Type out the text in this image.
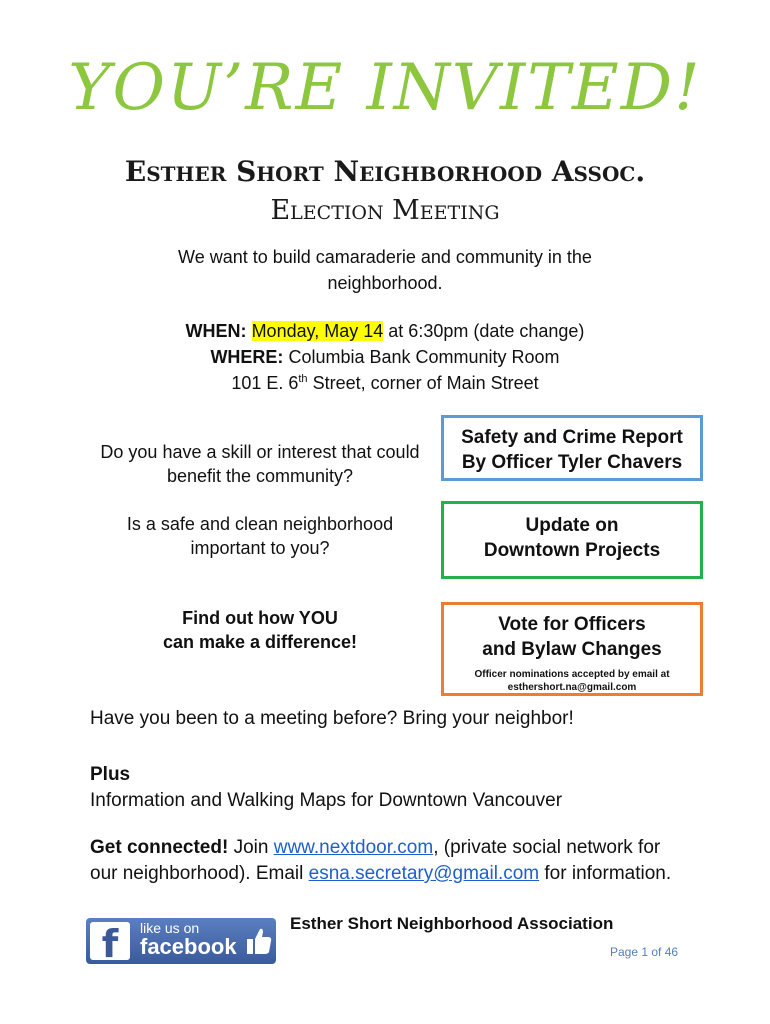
YOU’RE INVITED!
Esther Short Neighborhood Assoc.
Election Meeting
We want to build camaraderie and community in the neighborhood.
WHEN: Monday, May 14 at 6:30pm (date change)
WHERE: Columbia Bank Community Room
101 E. 6th Street, corner of Main Street
Do you have a skill or interest that could benefit the community?
Is a safe and clean neighborhood important to you?
Find out how YOU
can make a difference!
Safety and Crime Report
By Officer Tyler Chavers
Update on
Downtown Projects
Vote for Officers
and Bylaw Changes
Officer nominations accepted by email at
esthershort.na@gmail.com
Have you been to a meeting before? Bring your neighbor!
Plus
Information and Walking Maps for Downtown Vancouver
Get connected! Join www.nextdoor.com, (private social network for our neighborhood). Email esna.secretary@gmail.com for information.
f	like us on
facebook
Esther Short Neighborhood Association
Page 1 of 46
